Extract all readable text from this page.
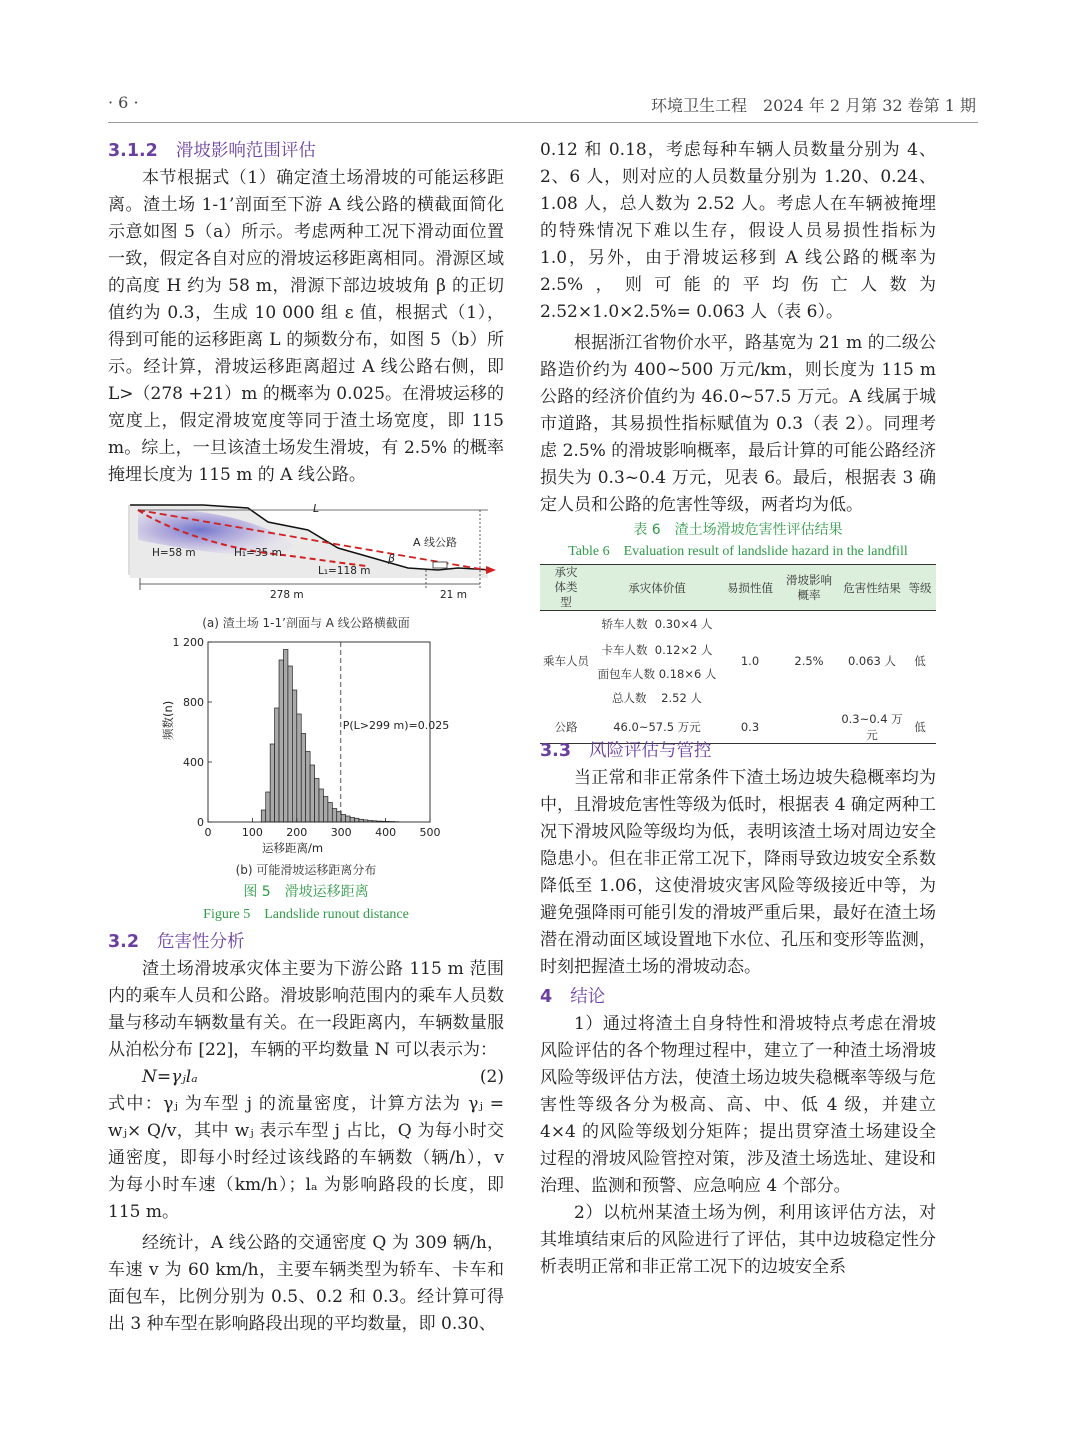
· 6 ·	环境卫生工程　2024 年 2 月第 32 卷第 1 期
3.1.2 滑坡影响范围评估

本节根据式（1）确定渣土场滑坡的可能运移距离。渣土场 1-1’剖面至下游 A 线公路的横截面简化示意如图 5（a）所示。考虑两种工况下滑动面位置一致，假定各自对应的滑坡运移距离相同。滑源区域的高度 H 约为 58 m，滑源下部边坡坡角 β 的正切值约为 0.3，生成 10 000 组 ε 值，根据式（1），得到可能的运移距离 L 的频数分布，如图 5（b）所示。经计算，滑坡运移距离超过 A 线公路右侧，即 L>（278 +21）m 的概率为 0.025。在滑坡运移的宽度上，假定滑坡宽度等同于渣土场宽度，即 115 m。综上，一旦该渣土场发生滑坡，有 2.5% 的概率掩埋长度为 115 m 的 A 线公路。

L
H=58 m	H₁=35 m
L₁=118 m
β
A 线公路
278 m	21 m
(a) 渣土场 1-1’剖面与 A 线公路横截面
0	100 200 300 400 500
0
400
800
1 200
P(L>299 m)=0.025
运移距离/m
频数(n)
(b) 可能滑坡运移距离分布
图 5　滑坡运移距离
Figure 5　Landslide runout distance
3.2 危害性分析

渣土场滑坡承灾体主要为下游公路 115 m 范围内的乘车人员和公路。滑坡影响范围内的乘车人员数量与移动车辆数量有关。在一段距离内，车辆数量服从泊松分布 [22]，车辆的平均数量 N 可以表示为：

N=γⱼlₐ	(2)

式中：γⱼ 为车型 j 的流量密度，计算方法为 γⱼ = wⱼ× Q/v，其中 wⱼ 表示车型 j 占比，Q 为每小时交通密度，即每小时经过该线路的车辆数（辆/h），v 为每小时车速（km/h）；lₐ 为影响路段的长度，即 115 m。

经统计，A 线公路的交通密度 Q 为 309 辆/h，车速 v 为 60 km/h，主要车辆类型为轿车、卡车和面包车，比例分别为 0.5、0.2 和 0.3。经计算可得出 3 种车型在影响路段出现的平均数量，即 0.30、

0.12 和 0.18，考虑每种车辆人员数量分别为 4、2、6 人，则对应的人员数量分别为 1.20、0.24、1.08 人，总人数为 2.52 人。考虑人在车辆被掩埋的特殊情况下难以生存，假设人员易损性指标为 1.0，另外，由于滑坡运移到 A 线公路的概率为 2.5%，则可能的平均伤亡人数为 2.52×1.0×2.5%= 0.063 人（表 6）。

根据浙江省物价水平，路基宽为 21 m 的二级公路造价约为 400~500 万元/km，则长度为 115 m 公路的经济价值约为 46.0~57.5 万元。A 线属于城市道路，其易损性指标赋值为 0.3（表 2）。同理考虑 2.5% 的滑坡影响概率，最后计算的可能公路经济损失为 0.3~0.4 万元，见表 6。最后，根据表 3 确定人员和公路的危害性等级，两者均为低。

表 6　渣土场滑坡危害性评估结果
Table 6　Evaluation result of landslide hazard in the landfill
承灾体类型	承灾体价值	易损性值	滑坡影响概率	危害性结果	等级
乘车人员	轿车人数 0.30×4 人	1.0	2.5%	0.063 人	低
	卡车人数 0.12×2 人				
	面包车人数 0.18×6 人				
	总人数 2.52 人				
公路	46.0~57.5 万元	0.3		0.3~0.4 万元	低
3.3 风险评估与管控

当正常和非正常条件下渣土场边坡失稳概率均为中，且滑坡危害性等级为低时，根据表 4 确定两种工况下滑坡风险等级均为低，表明该渣土场对周边安全隐患小。但在非正常工况下，降雨导致边坡安全系数降低至 1.06，这使滑坡灾害风险等级接近中等，为避免强降雨可能引发的滑坡严重后果，最好在渣土场潜在滑动面区域设置地下水位、孔压和变形等监测，时刻把握渣土场的滑坡动态。

4 结论

1）通过将渣土自身特性和滑坡特点考虑在滑坡风险评估的各个物理过程中，建立了一种渣土场滑坡风险等级评估方法，使渣土场边坡失稳概率等级与危害性等级各分为极高、高、中、低 4 级，并建立 4×4 的风险等级划分矩阵；提出贯穿渣土场建设全过程的滑坡风险管控对策，涉及渣土场选址、建设和治理、监测和预警、应急响应 4 个部分。

2）以杭州某渣土场为例，利用该评估方法，对其堆填结束后的风险进行了评估，其中边坡稳定性分析表明正常和非正常工况下的边坡安全系
